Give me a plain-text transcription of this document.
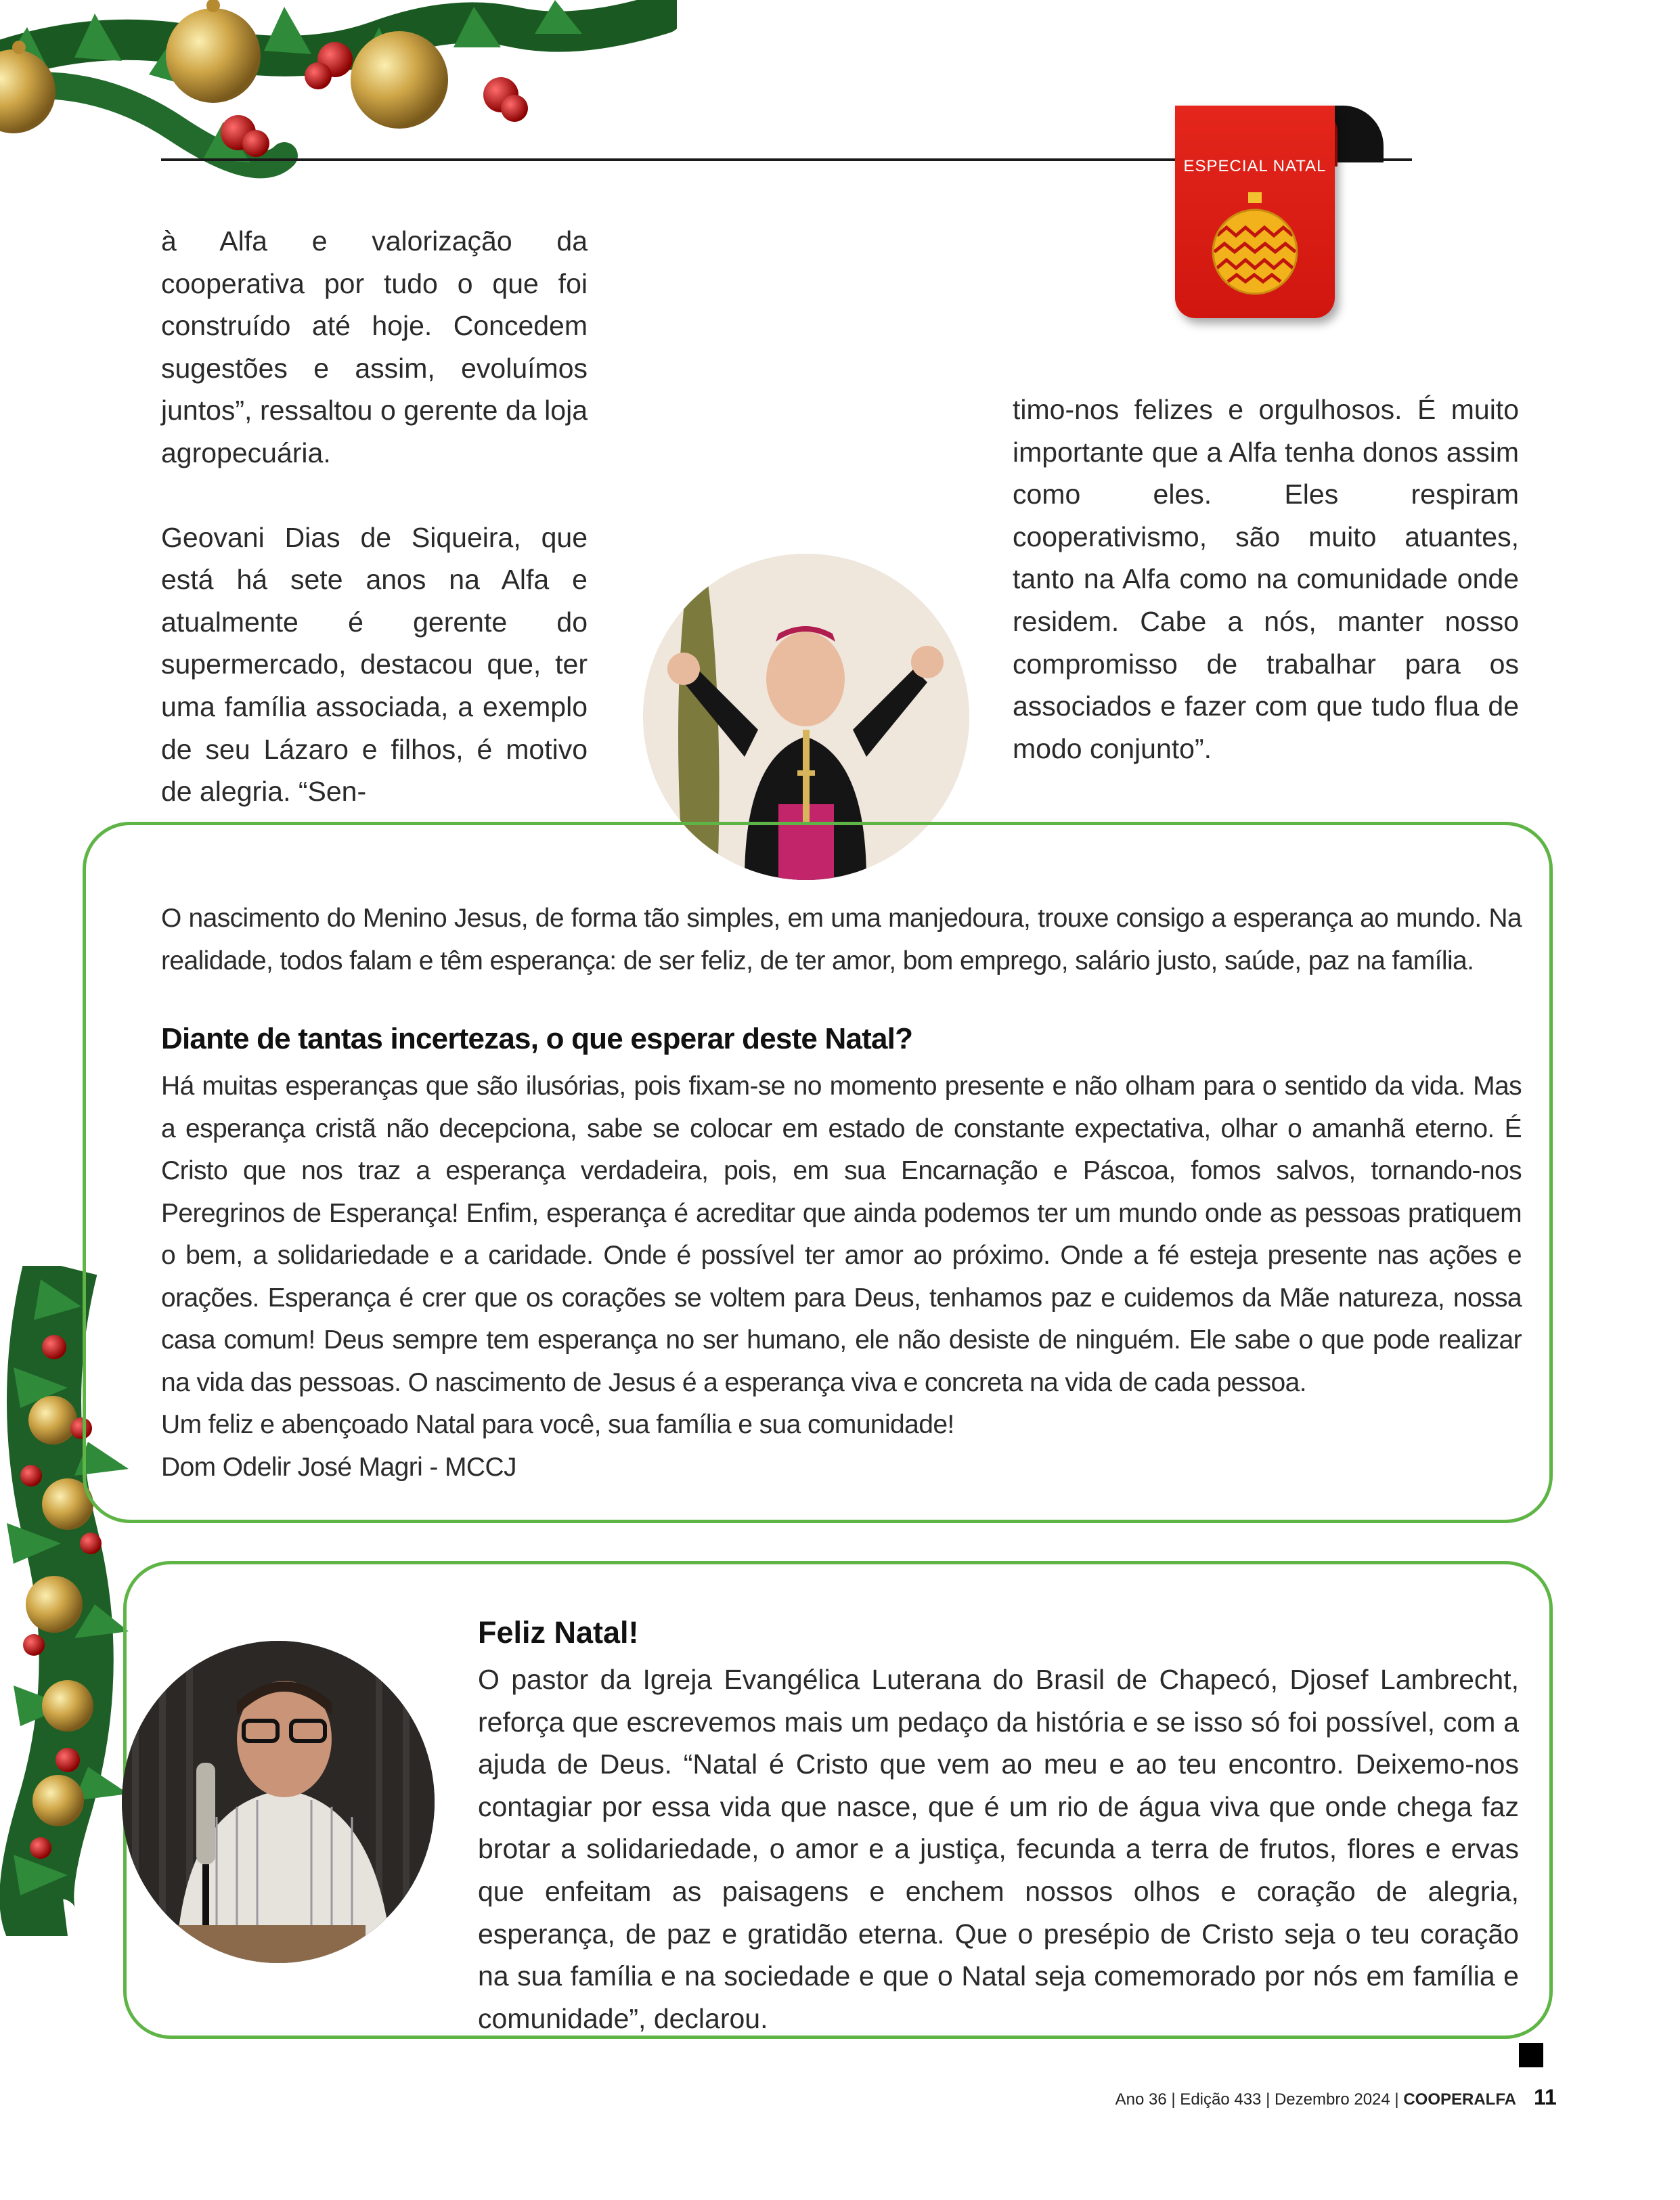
ESPECIAL NATAL

à Alfa e valorização da cooperativa por tudo o que foi construído até hoje. Concedem sugestões e assim, evoluímos juntos”, ressaltou o gerente da loja agropecuária.

Geovani Dias de Siqueira, que está há sete anos na Alfa e atualmente é gerente do supermercado, destacou que, ter uma família associada, a exemplo de seu Lázaro e filhos, é motivo de alegria. “Sen-

timo-nos felizes e orgulhosos. É muito importante que a Alfa tenha donos assim como eles. Eles respiram cooperativismo, são muito atuantes, tanto na Alfa como na comunidade onde residem. Cabe a nós, manter nosso compromisso de trabalhar para os associados e fazer com que tudo flua de modo conjunto”.

O nascimento do Menino Jesus, de forma tão simples, em uma manjedoura, trouxe consigo a esperança ao mundo. Na realidade, todos falam e têm esperança: de ser feliz, de ter amor, bom emprego, salário justo, saúde, paz na família.

Diante de tantas incertezas, o que esperar deste Natal?
Há muitas esperanças que são ilusórias, pois fixam-se no momento presente e não olham para o sentido da vida. Mas a esperança cristã não decepciona, sabe se colocar em estado de constante expectativa, olhar o amanhã eterno. É Cristo que nos traz a esperança verdadeira, pois, em sua Encarnação e Páscoa, fomos salvos, tornando-nos Peregrinos de Esperança! Enfim, esperança é acreditar que ainda podemos ter um mundo onde as pessoas pratiquem o bem, a solidariedade e a caridade. Onde é possível ter amor ao próximo. Onde a fé esteja presente nas ações e orações. Esperança é crer que os corações se voltem para Deus, tenhamos paz e cuidemos da Mãe natureza, nossa casa comum! Deus sempre tem esperança no ser humano, ele não desiste de ninguém. Ele sabe o que pode realizar na vida das pessoas. O nascimento de Jesus é a esperança viva e concreta na vida de cada pessoa.
Um feliz e abençoado Natal para você, sua família e sua comunidade!
Dom Odelir José Magri - MCCJ
Feliz Natal!

O pastor da Igreja Evangélica Luterana do Brasil de Chapecó, Djosef Lambrecht, reforça que escrevemos mais um pedaço da história e se isso só foi possível, com a ajuda de Deus. “Natal é Cristo que vem ao meu e ao teu encontro. Deixemo-nos contagiar por essa vida que nasce, que é um rio de água viva que onde chega faz brotar a solidariedade, o amor e a justiça, fecunda a terra de frutos, flores e ervas que enfeitam as paisagens e enchem nossos olhos e coração de alegria, esperança, de paz e gratidão eterna. Que o presépio de Cristo seja o teu coração na sua família e na sociedade e que o Natal seja comemorado por nós em família e comunidade”, declarou.

Ano 36 | Edição 433 | Dezembro 2024 | COOPERALFA 11
